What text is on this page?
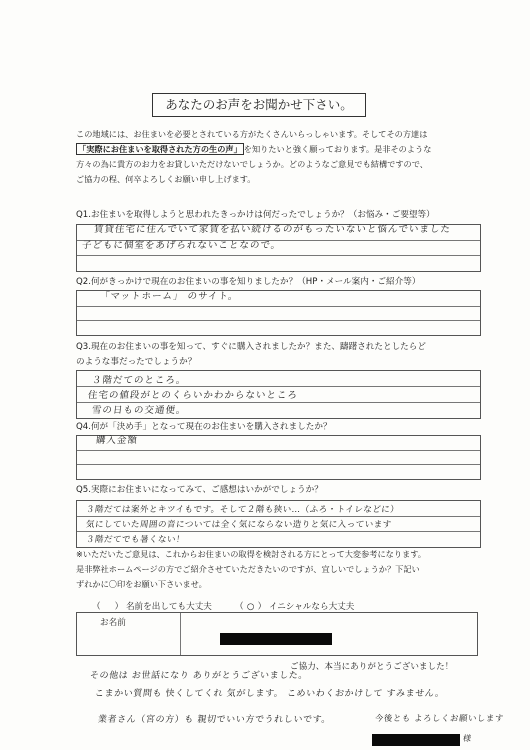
あなたのお声をお聞かせ下さい。
この地域には、お住まいを必要とされている方がたくさんいらっしゃいます。そしてその方達は
「実際にお住まいを取得された方の生の声」 を知りたいと強く願っております。是非そのような
方々の為に貴方のお力をお貸しいただけないでしょうか。どのようなご意見でも結構ですので、
ご協力の程、何卒よろしくお願い申し上げます。
Q1.お住まいを取得しようと思われたきっかけは何だったでしょうか？（お悩み・ご要望等）
賃貸住宅に住んでいて家賃を払い続けるのがもったいないと悩んでいました
子どもに個室をあげられないことなので。
Q2.何がきっかけで現在のお住まいの事を知りましたか？（HP・メール案内・ご紹介等）
「マットホーム」 のサイト。
Q3.現在のお住まいの事を知って、すぐに購入されましたか？また、躊躇されたとしたらど
のような事だったでしょうか？
３階だてのところ。
住宅の値段がとのくらいかわからないところ
雪の日もの交通便。
Q4.何が「決め手」となって現在のお住まいを購入されましたか？
購入金額
Q5.実際にお住まいになってみて、ご感想はいかがでしょうか？
３階だては案外とキツイもです。そして２階も狭い…（ふろ・トイレなどに）
気にしていた周囲の音については全く気にならない造りと気に入っています
３階だてでも暑くない！
※いただいたご意見は、これからお住まいの取得を検討される方にとって大変参考になります。
是非弊社ホームページの方でご紹介させていただきたいのですが、宜しいでしょうか？下記い
ずれかに〇印をお願い下さいませ。
（ ） 名前を出しても大丈夫	（ ○ ） イニシャルなら大丈夫
お名前
ご協力、本当にありがとうございました！
その他は お世話になり ありがとうございました。
こまかい質問も 快くしてくれ 気がします。 こめいわくおかけして すみません。
業者さん（宮の方）も 親切でいい方でうれしいです。	今後とも よろしくお願いします
様
